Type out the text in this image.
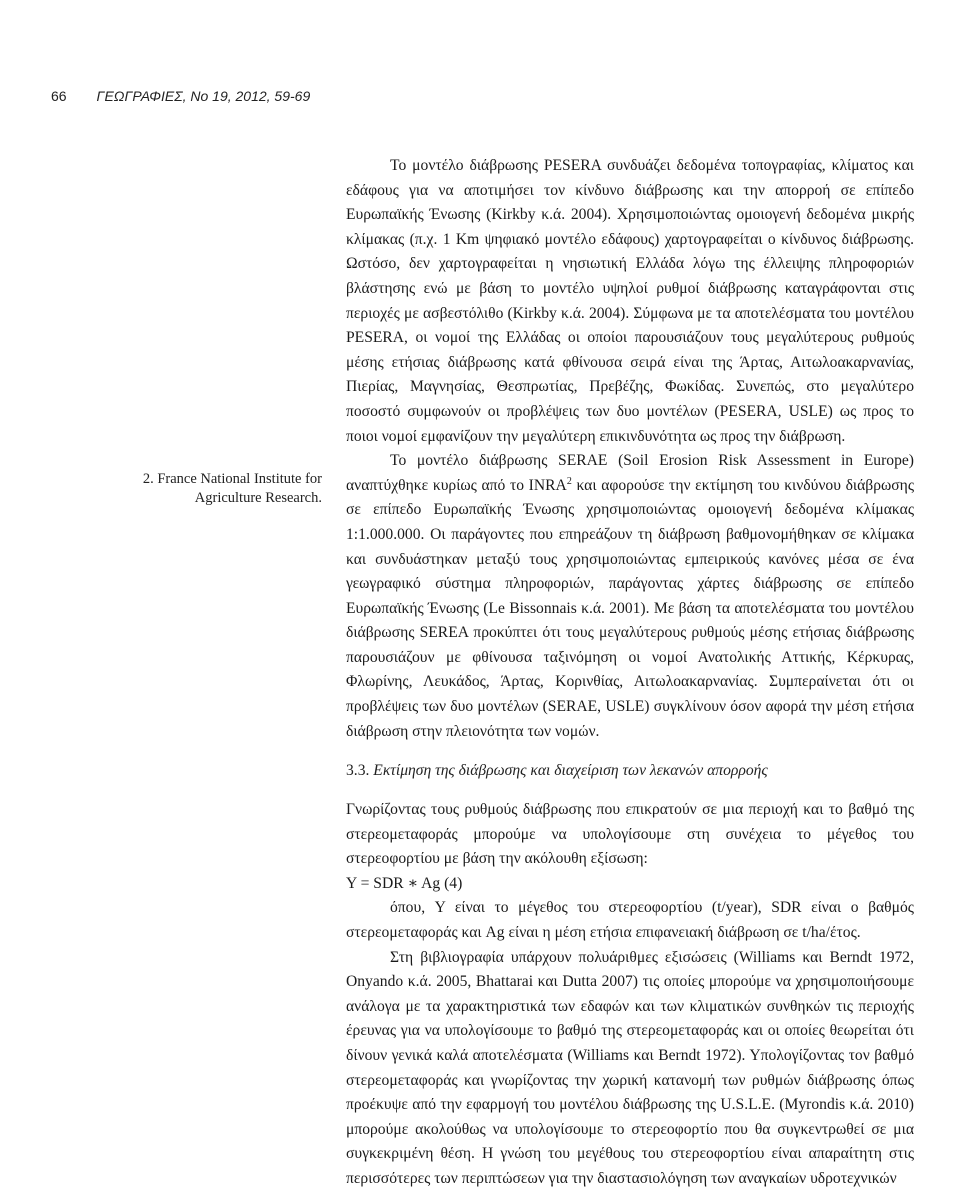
66 ΓΕΩΓΡΑΦΙΕΣ, Νο 19, 2012, 59-69
2. France National Institute for
Agriculture Research.

Το μοντέλο διάβρωσης PESERA συνδυάζει δεδομένα τοπογραφίας, κλίματος και εδάφους για να αποτιμήσει τον κίνδυνο διάβρωσης και την απορροή σε επίπεδο Ευρωπαϊκής Ένωσης (Kirkby κ.ά. 2004). Χρησιμοποιώντας ομοιογενή δεδομένα μικρής κλίμακας (π.χ. 1 Km ψηφιακό μοντέλο εδάφους) χαρτογραφείται ο κίνδυνος διάβρωσης. Ωστόσο, δεν χαρτογραφείται η νησιωτική Ελλάδα λόγω της έλλειψης πληροφοριών βλάστησης ενώ με βάση το μοντέλο υψηλοί ρυθμοί διάβρωσης καταγράφονται στις περιοχές με ασβεστόλιθο (Kirkby κ.ά. 2004). Σύμφωνα με τα αποτελέσματα του μοντέλου PESERA, οι νομοί της Ελλάδας οι οποίοι παρουσιάζουν τους μεγαλύτερους ρυθμούς μέσης ετήσιας διάβρωσης κατά φθίνουσα σειρά είναι της Άρτας, Αιτωλοακαρνανίας, Πιερίας, Μαγνησίας, Θεσπρωτίας, Πρεβέζης, Φωκίδας. Συνεπώς, στο μεγαλύτερο ποσοστό συμφωνούν οι προβλέψεις των δυο μοντέλων (PESERA, USLE) ως προς το ποιοι νομοί εμφανίζουν την μεγαλύτερη επικινδυνότητα ως προς την διάβρωση.

Το μοντέλο διάβρωσης SERAE (Soil Erosion Risk Assessment in Europe) αναπτύχθηκε κυρίως από το INRA$^2$ και αφορούσε την εκτίμηση του κινδύνου διάβρωσης σε επίπεδο Ευρωπαϊκής Ένωσης χρησιμοποιώντας ομοιογενή δεδομένα κλίμακας 1:1.000.000. Οι παράγοντες που επηρεάζουν τη διάβρωση βαθμονομήθηκαν σε κλίμακα και συνδυάστηκαν μεταξύ τους χρησιμοποιώντας εμπειρικούς κανόνες μέσα σε ένα γεωγραφικό σύστημα πληροφοριών, παράγοντας χάρτες διάβρωσης σε επίπεδο Ευρωπαϊκής Ένωσης (Le Bissonnais κ.ά. 2001). Με βάση τα αποτελέσματα του μοντέλου διάβρωσης SEREA προκύπτει ότι τους μεγαλύτερους ρυθμούς μέσης ετήσιας διάβρωσης παρουσιάζουν με φθίνουσα ταξινόμηση οι νομοί Ανατολικής Αττικής, Κέρκυρας, Φλωρίνης, Λευκάδος, Άρτας, Κορινθίας, Αιτωλοακαρνανίας. Συμπεραίνεται ότι οι προβλέψεις των δυο μοντέλων (SERAE, USLE) συγκλίνουν όσον αφορά την μέση ετήσια διάβρωση στην πλειονότητα των νομών.

3.3. Εκτίμηση της διάβρωσης και διαχείριση των λεκανών απορροής

Γνωρίζοντας τους ρυθμούς διάβρωσης που επικρατούν σε μια περιοχή και το βαθμό της στερεομεταφοράς μπορούμε να υπολογίσουμε στη συνέχεια το μέγεθος του στερεοφορτίου με βάση την ακόλουθη εξίσωση:

Y = SDR ∗ Ag (4)

όπου, Y είναι το μέγεθος του στερεοφορτίου (t/year), SDR είναι ο βαθμός στερεομεταφοράς και Ag είναι η μέση ετήσια επιφανειακή διάβρωση σε t/ha/έτος.

Στη βιβλιογραφία υπάρχουν πολυάριθμες εξισώσεις (Williams και Berndt 1972, Onyando κ.ά. 2005, Bhattarai και Dutta 2007) τις οποίες μπορούμε να χρησιμοποιήσουμε ανάλογα με τα χαρακτηριστικά των εδαφών και των κλιματικών συνθηκών τις περιοχής έρευνας για να υπολογίσουμε το βαθμό της στερεομεταφοράς και οι οποίες θεωρείται ότι δίνουν γενικά καλά αποτελέσματα (Williams και Berndt 1972). Υπολογίζοντας τον βαθμό στερεομεταφοράς και γνωρίζοντας την χωρική κατανομή των ρυθμών διάβρωσης όπως προέκυψε από την εφαρμογή του μοντέλου διάβρωσης της U.S.L.E. (Myrondis κ.ά. 2010) μπορούμε ακολούθως να υπολογίσουμε το στερεοφορτίο που θα συγκεντρωθεί σε μια συγκεκριμένη θέση. Η γνώση του μεγέθους του στερεοφορτίου είναι απαραίτητη στις περισσότερες των περιπτώσεων για την διαστασιολόγηση των αναγκαίων υδροτεχνικών
